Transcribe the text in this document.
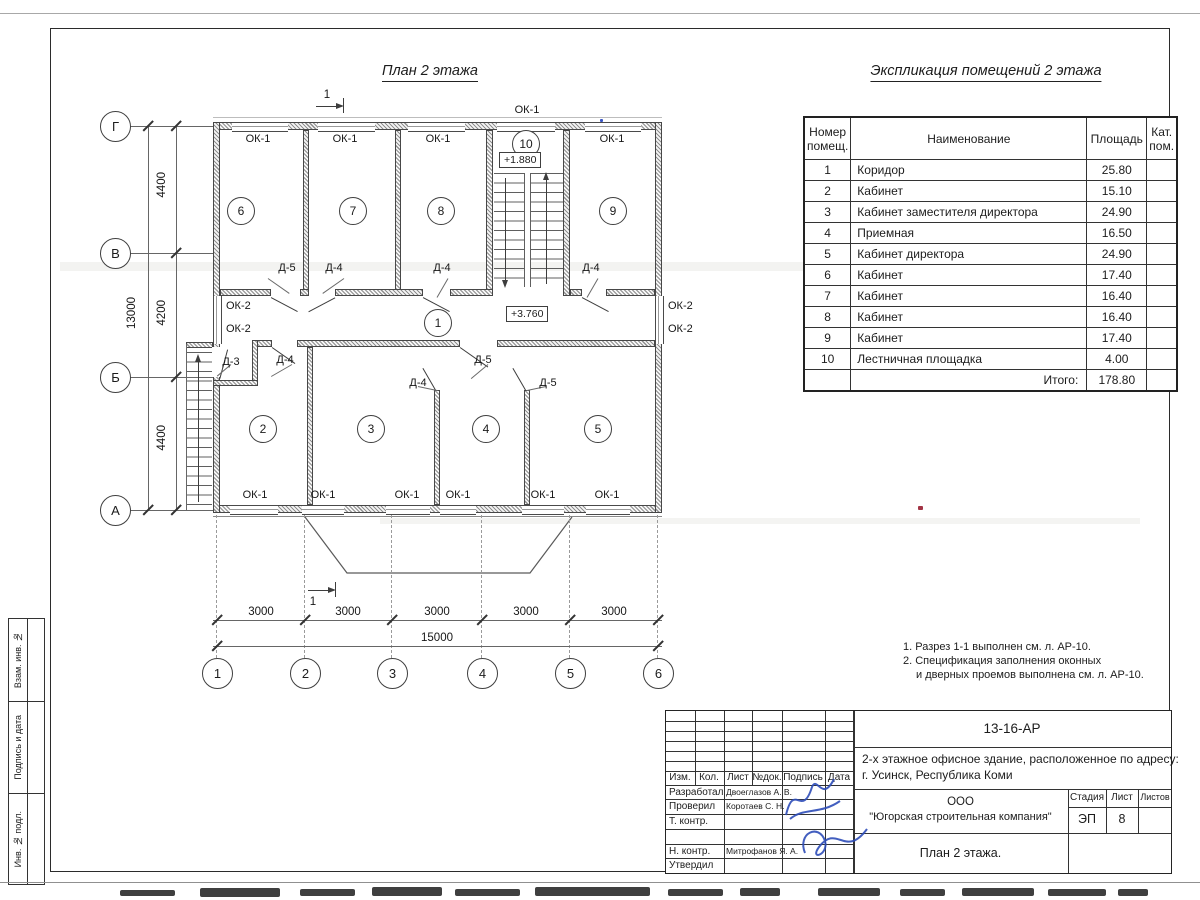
План 2 этажа	Экспликация помещений 2 этажа
13000
4400
4200
4400
Г
В
Б
А
6	7	8	9
10
1
2	3	4	5
+1.880
+3.760
ОК-1	ОК-1	ОК-1	ОК-1
ОК-1
ОК-1	ОК-1	ОК-1 ОК-1	ОК-1	ОК-1
ОК-2
ОК-2
ОК-2
ОК-2
Д-5	Д-4	Д-4	Д-4
Д-3	Д-4	Д-5
Д-4	Д-5
1
1
3000	3000	3000	3000	3000
15000
1	2	3	4	5	6
Номер помещ.	Наименование	Площадь	Кат. пом.
1	Коридор	25.80	
2	Кабинет	15.10	
3	Кабинет заместителя директора	24.90	
4	Приемная	16.50	
5	Кабинет директора	24.90	
6	Кабинет	17.40	
7	Кабинет	16.40	
8	Кабинет	16.40	
9	Кабинет	17.40	
10	Лестничная площадка	4.00	
	Итого:	178.80	
1. Разрез 1-1 выполнен см. л. АР-10.
2. Спецификация заполнения оконных
и дверных проемов выполнена см. л. АР-10.
Изм. Кол. Лист №док. Подпись Дата
Разработал Двоеглазов А. В.
Проверил Коротаев С. Н.
Т. контр.
Н. контр. Митрофанов Я. А.
Утвердил
13-16-АР
2-х этажное офисное здание, расположенное по адресу:
г. Усинск, Республика Коми
ООО
"Югорская строительная компания"
Стадия Лист Листов
ЭП 8
План 2 этажа.
Взам. инв. №
Подпись и дата
Инв. № подл.
